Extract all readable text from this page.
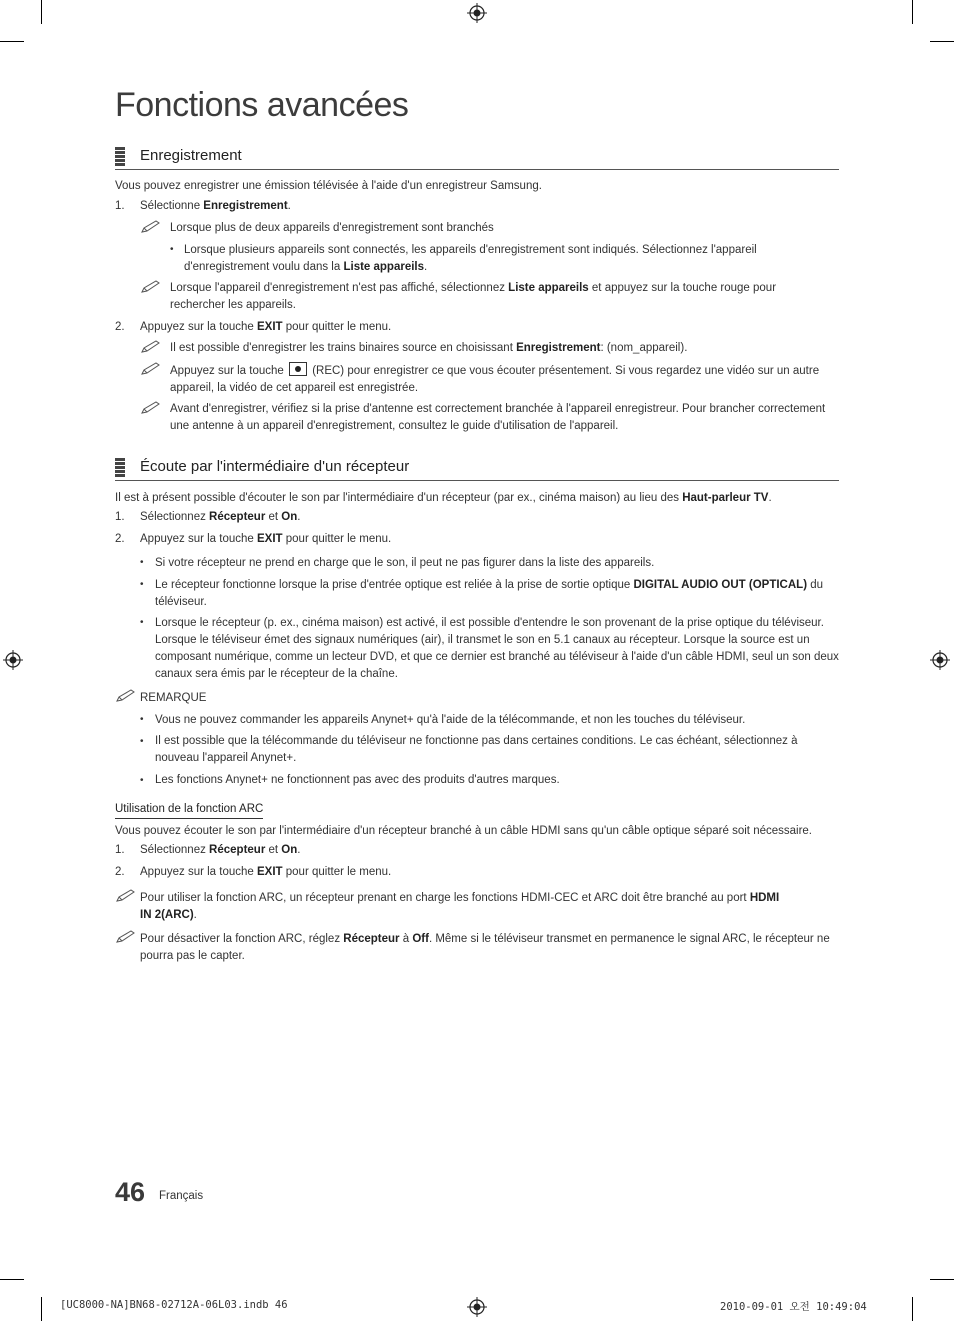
Fonctions avancées
Enregistrement

Vous pouvez enregistrer une émission télévisée à l'aide d'un enregistreur Samsung.

1. Sélectionne Enregistrement.

Lorsque plus de deux appareils d'enregistrement sont branchés

• Lorsque plusieurs appareils sont connectés, les appareils d'enregistrement sont indiqués. Sélectionnez l'appareil d'enregistrement voulu dans la Liste appareils.

Lorsque l'appareil d'enregistrement n'est pas affiché, sélectionnez Liste appareils et appuyez sur la touche rouge pour rechercher les appareils.

2. Appuyez sur la touche EXIT pour quitter le menu.

Il est possible d'enregistrer les trains binaires source en choisissant Enregistrement: (nom_appareil).

Appuyez sur la touche  (REC) pour enregistrer ce que vous écouter présentement. Si vous regardez une vidéo sur un autre appareil, la vidéo de cet appareil est enregistrée.

Avant d'enregistrer, vérifiez si la prise d'antenne est correctement branchée à l'appareil enregistreur. Pour brancher correctement une antenne à un appareil d'enregistrement, consultez le guide d'utilisation de l'appareil.

Écoute par l'intermédiaire d'un récepteur

Il est à présent possible d'écouter le son par l'intermédiaire d'un récepteur (par ex., cinéma maison) au lieu des Haut-parleur TV.

1. Sélectionnez Récepteur et On.

2. Appuyez sur la touche EXIT pour quitter le menu.

• Si votre récepteur ne prend en charge que le son, il peut ne pas figurer dans la liste des appareils.

• Le récepteur fonctionne lorsque la prise d'entrée optique est reliée à la prise de sortie optique DIGITAL AUDIO OUT (OPTICAL) du téléviseur.

• Lorsque le récepteur (p. ex., cinéma maison) est activé, il est possible d'entendre le son provenant de la prise optique du téléviseur. Lorsque le téléviseur émet des signaux numériques (air), il transmet le son en 5.1 canaux au récepteur. Lorsque la source est un composant numérique, comme un lecteur DVD, et que ce dernier est branché au téléviseur à l'aide d'un câble HDMI, seul un son deux canaux sera émis par le récepteur de la chaîne.

REMARQUE

• Vous ne pouvez commander les appareils Anynet+ qu'à l'aide de la télécommande, et non les touches du téléviseur.

• Il est possible que la télécommande du téléviseur ne fonctionne pas dans certaines conditions. Le cas échéant, sélectionnez à nouveau l'appareil Anynet+.

• Les fonctions Anynet+ ne fonctionnent pas avec des produits d'autres marques.

Utilisation de la fonction ARC

Vous pouvez écouter le son par l'intermédiaire d'un récepteur branché à un câble HDMI sans qu'un câble optique séparé soit nécessaire.

1. Sélectionnez Récepteur et On.

2. Appuyez sur la touche EXIT pour quitter le menu.

Pour utiliser la fonction ARC, un récepteur prenant en charge les fonctions HDMI-CEC et ARC doit être branché au port HDMI IN 2(ARC).

Pour désactiver la fonction ARC, réglez Récepteur à Off. Même si le téléviseur transmet en permanence le signal ARC, le récepteur ne pourra pas le capter.

46 Français
[UC8000-NA]BN68-02712A-06L03.indb 46	2010-09-01 오전 10:49:04
